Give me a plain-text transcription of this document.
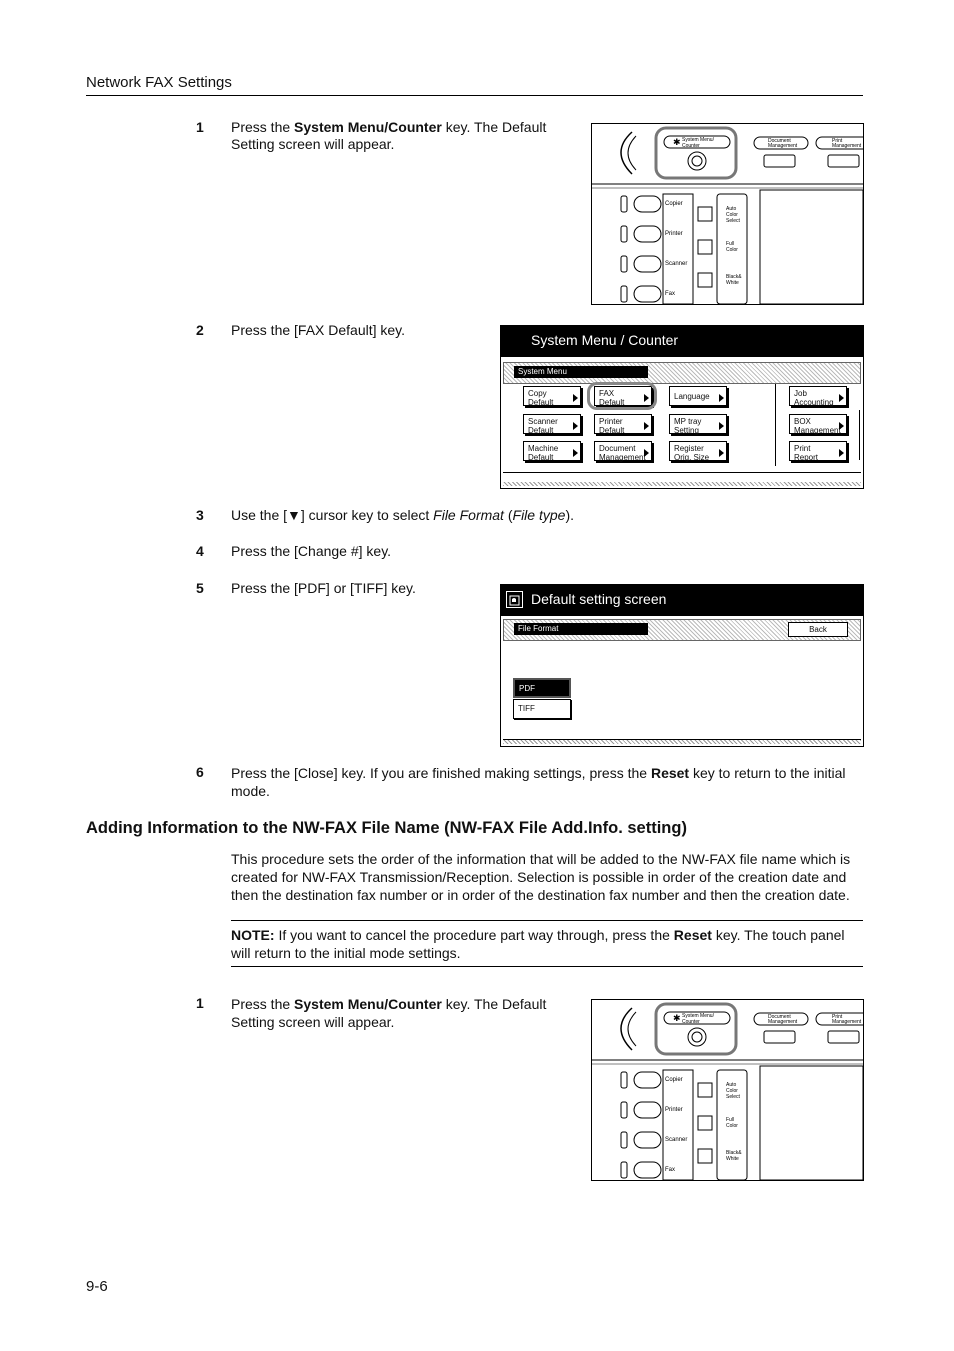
Network FAX Settings
1	Press the System Menu/Counter key. The Default Setting screen will appear.	✱ System Menu/
Counter
Document
Management
Print
Management
Copier
Printer
Scanner
Fax
Auto
Color
Select
Full
Color
Black&
White
2	Press the [FAX Default] key.
System Menu / Counter
System Menu
Copy
Default
FAX
Default
Language	Job
Accounting
Scanner
Default
Printer
Default
MP tray
Setting
BOX
Management
Machine
Default
Document
Management
Register
Orig. Size
Print
Report
3	Use the [▼] cursor key to select File Format (File type).
4	Press the [Change #] key.
5	Press the [PDF] or [TIFF] key.
Default setting screen
File Format	Back
PDF
TIFF
6	Press the [Close] key. If you are finished making settings, press the Reset key to return to the initial mode.
Adding Information to the NW-FAX File Name (NW-FAX File Add.Info. setting)
This procedure sets the order of the information that will be added to the NW-FAX file name which is created for NW-FAX Transmission/Reception. Selection is possible in order of the creation date and then the destination fax number or in order of the destination fax number and then the creation date.
NOTE: If you want to cancel the procedure part way through, press the Reset key. The touch panel will return to the initial mode settings.
1	Press the System Menu/Counter key. The Default Setting screen will appear.	✱ System Menu/
Counter
Document
Management
Print
Management
Copier
Printer
Scanner
Fax
Auto
Color
Select
Full
Color
Black&
White
9-6
